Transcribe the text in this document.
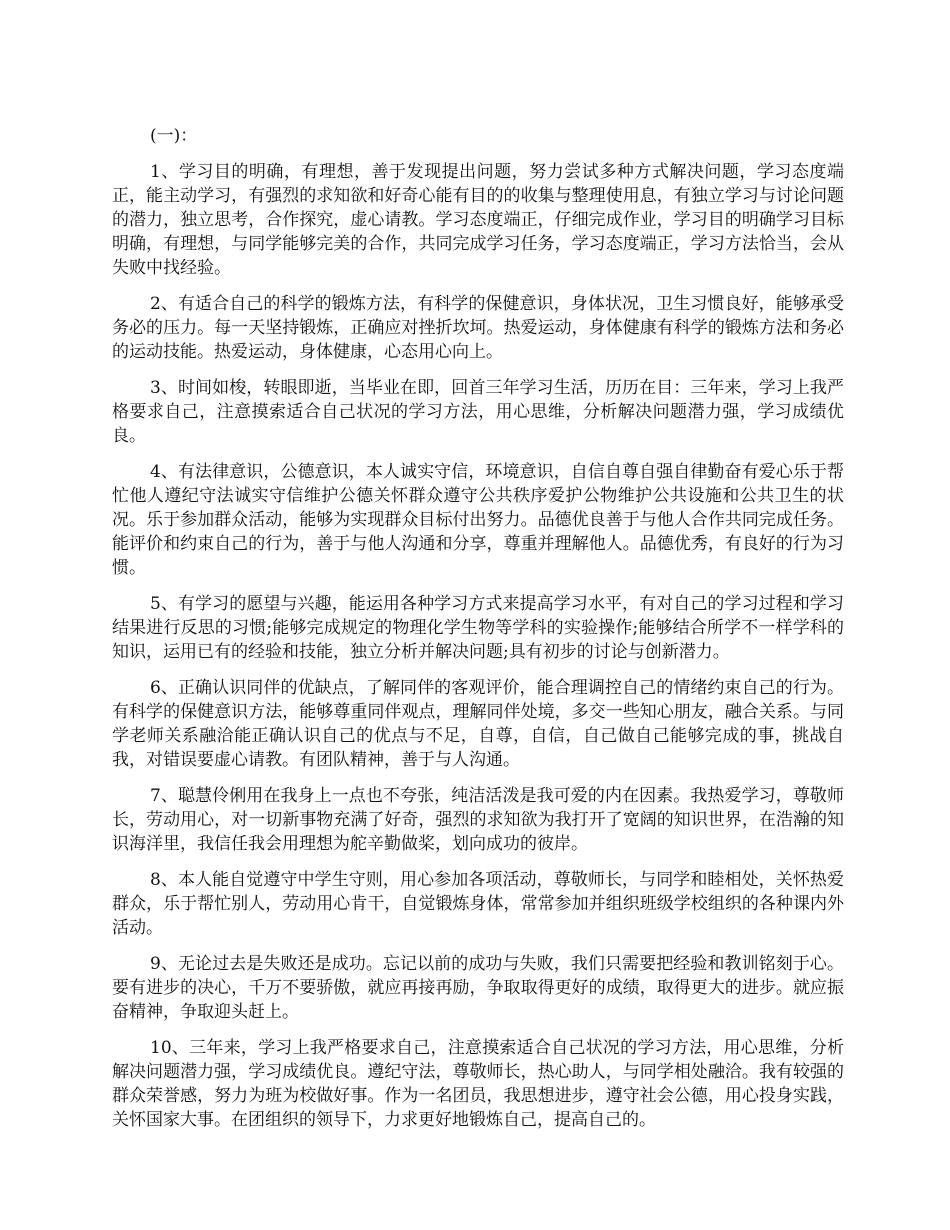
(一)：

1、学习目的明确，有理想，善于发现提出问题，努力尝试多种方式解决问题，学习态度端正，能主动学习，有强烈的求知欲和好奇心能有目的的收集与整理使用息，有独立学习与讨论问题的潜力，独立思考，合作探究，虚心请教。学习态度端正，仔细完成作业，学习目的明确学习目标明确，有理想，与同学能够完美的合作，共同完成学习任务，学习态度端正，学习方法恰当，会从失败中找经验。

2、有适合自己的科学的锻炼方法，有科学的保健意识，身体状况，卫生习惯良好，能够承受务必的压力。每一天坚持锻炼，正确应对挫折坎坷。热爱运动，身体健康有科学的锻炼方法和务必的运动技能。热爱运动，身体健康，心态用心向上。

3、时间如梭，转眼即逝，当毕业在即，回首三年学习生活，历历在目：三年来，学习上我严格要求自己，注意摸索适合自己状况的学习方法，用心思维，分析解决问题潜力强，学习成绩优良。

4、有法律意识，公德意识，本人诚实守信，环境意识，自信自尊自强自律勤奋有爱心乐于帮忙他人遵纪守法诚实守信维护公德关怀群众遵守公共秩序爱护公物维护公共设施和公共卫生的状况。乐于参加群众活动，能够为实现群众目标付出努力。品德优良善于与他人合作共同完成任务。能评价和约束自己的行为，善于与他人沟通和分享，尊重并理解他人。品德优秀，有良好的行为习惯。

5、有学习的愿望与兴趣，能运用各种学习方式来提高学习水平，有对自己的学习过程和学习结果进行反思的习惯;能够完成规定的物理化学生物等学科的实验操作;能够结合所学不一样学科的知识，运用已有的经验和技能，独立分析并解决问题;具有初步的讨论与创新潜力。

6、正确认识同伴的优缺点，了解同伴的客观评价，能合理调控自己的情绪约束自己的行为。有科学的保健意识方法，能够尊重同伴观点，理解同伴处境，多交一些知心朋友，融合关系。与同学老师关系融洽能正确认识自己的优点与不足，自尊，自信，自己做自己能够完成的事，挑战自我，对错误要虚心请教。有团队精神，善于与人沟通。

7、聪慧伶俐用在我身上一点也不夸张，纯洁活泼是我可爱的内在因素。我热爱学习，尊敬师长，劳动用心，对一切新事物充满了好奇，强烈的求知欲为我打开了宽阔的知识世界，在浩瀚的知识海洋里，我信任我会用理想为舵辛勤做桨，划向成功的彼岸。

8、本人能自觉遵守中学生守则，用心参加各项活动，尊敬师长，与同学和睦相处，关怀热爱群众，乐于帮忙别人，劳动用心肯干，自觉锻炼身体，常常参加并组织班级学校组织的各种课内外活动。

9、无论过去是失败还是成功。忘记以前的成功与失败，我们只需要把经验和教训铭刻于心。要有进步的决心，千万不要骄傲，就应再接再励，争取取得更好的成绩，取得更大的进步。就应振奋精神，争取迎头赶上。

10、三年来，学习上我严格要求自己，注意摸索适合自己状况的学习方法，用心思维，分析解决问题潜力强，学习成绩优良。遵纪守法，尊敬师长，热心助人，与同学相处融洽。我有较强的群众荣誉感，努力为班为校做好事。作为一名团员，我思想进步，遵守社会公德，用心投身实践，关怀国家大事。在团组织的领导下，力求更好地锻炼自己，提高自己的。
